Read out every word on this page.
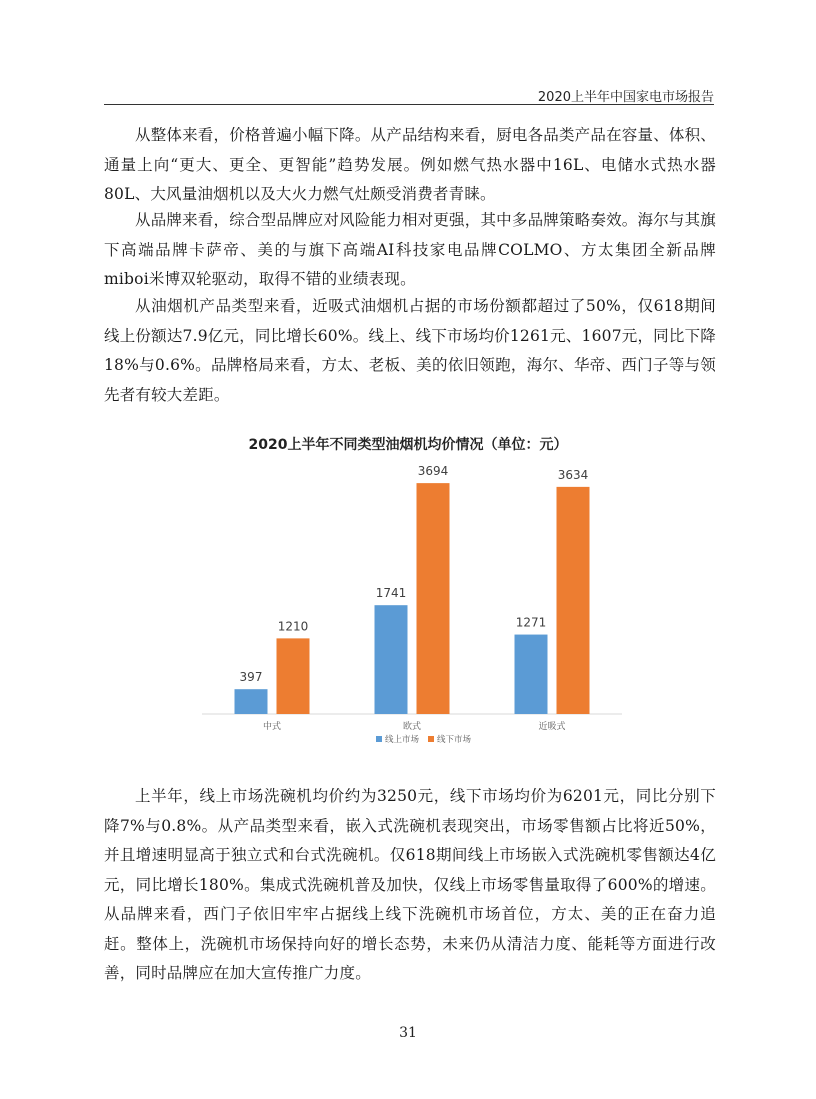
2020上半年中国家电市场报告

从整体来看，价格普遍小幅下降。从产品结构来看，厨电各品类产品在容量、体积、通量上向“更大、更全、更智能”趋势发展。例如燃气热水器中16L、电储水式热水器80L、大风量油烟机以及大火力燃气灶颇受消费者青睐。

从品牌来看，综合型品牌应对风险能力相对更强，其中多品牌策略奏效。海尔与其旗下高端品牌卡萨帝、美的与旗下高端AI科技家电品牌COLMO、方太集团全新品牌miboi米博双轮驱动，取得不错的业绩表现。

从油烟机产品类型来看，近吸式油烟机占据的市场份额都超过了50%，仅618期间线上份额达7.9亿元，同比增长60%。线上、线下市场均价1261元、1607元，同比下降18%与0.6%。品牌格局来看，方太、老板、美的依旧领跑，海尔、华帝、西门子等与领先者有较大差距。

2020上半年不同类型油烟机均价情况（单位：元）
397
1210
中式
1741
3694
欧式
1271
3634
近吸式
线上市场 线下市场

上半年，线上市场洗碗机均价约为3250元，线下市场均价为6201元，同比分别下降7%与0.8%。从产品类型来看，嵌入式洗碗机表现突出，市场零售额占比将近50%，并且增速明显高于独立式和台式洗碗机。仅618期间线上市场嵌入式洗碗机零售额达4亿元，同比增长180%。集成式洗碗机普及加快，仅线上市场零售量取得了600%的增速。从品牌来看，西门子依旧牢牢占据线上线下洗碗机市场首位，方太、美的正在奋力追赶。整体上，洗碗机市场保持向好的增长态势，未来仍从清洁力度、能耗等方面进行改善，同时品牌应在加大宣传推广力度。

31
